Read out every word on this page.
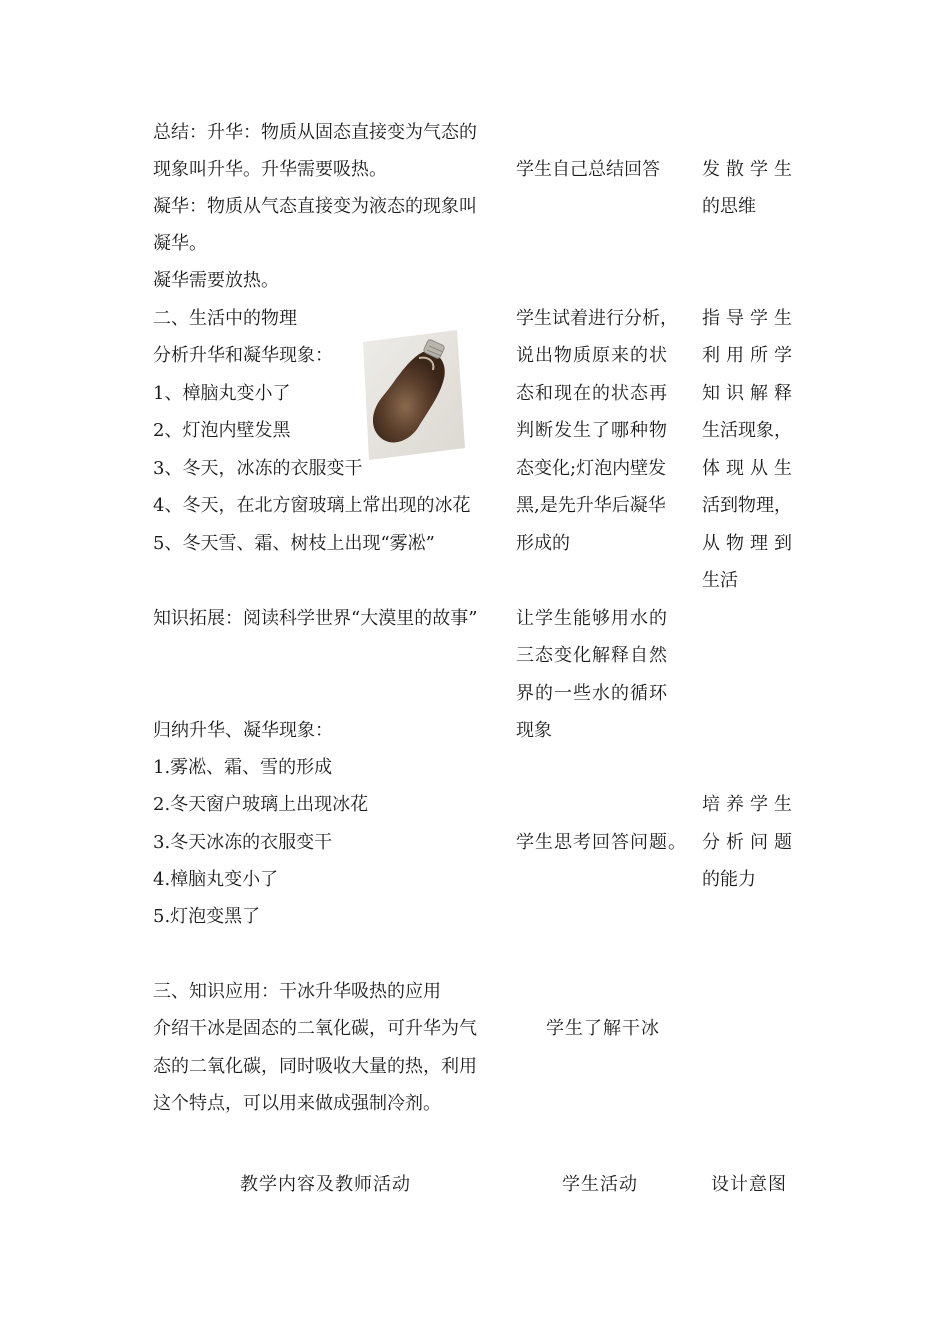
总结：升华：物质从固态直接变为气态的
现象叫升华。升华需要吸热。
凝华：物质从气态直接变为液态的现象叫
凝华。
凝华需要放热。
二、生活中的物理
分析升华和凝华现象：
1、樟脑丸变小了
2、灯泡内壁发黑
3、冬天，冰冻的衣服变干
4、冬天，在北方窗玻璃上常出现的冰花
5、冬天雪、霜、树枝上出现“雾凇”
知识拓展：阅读科学世界“大漠里的故事”
归纳升华、凝华现象：
1.雾凇、霜、雪的形成
2.冬天窗户玻璃上出现冰花
3.冬天冰冻的衣服变干
4.樟脑丸变小了
5.灯泡变黑了
三、知识应用：干冰升华吸热的应用
介绍干冰是固态的二氧化碳，可升华为气
态的二氧化碳，同时吸收大量的热，利用
这个特点，可以用来做成强制冷剂。
学生自己总结回答
学生试着进行分析，
说出物质原来的状
态和现在的状态再
判断发生了哪种物
态变化;灯泡内壁发
黑,是先升华后凝华
形成的
让学生能够用水的
三态变化解释自然
界的一些水的循环
现象
学生思考回答问题。
学生了解干冰
发散学生
的思维
指导学生
利用所学
知识解释
生活现象，
体现从生
活到物理，
从物理到
生活
培养学生
分析问题
的能力
教学内容及教师活动	学生活动	设计意图
